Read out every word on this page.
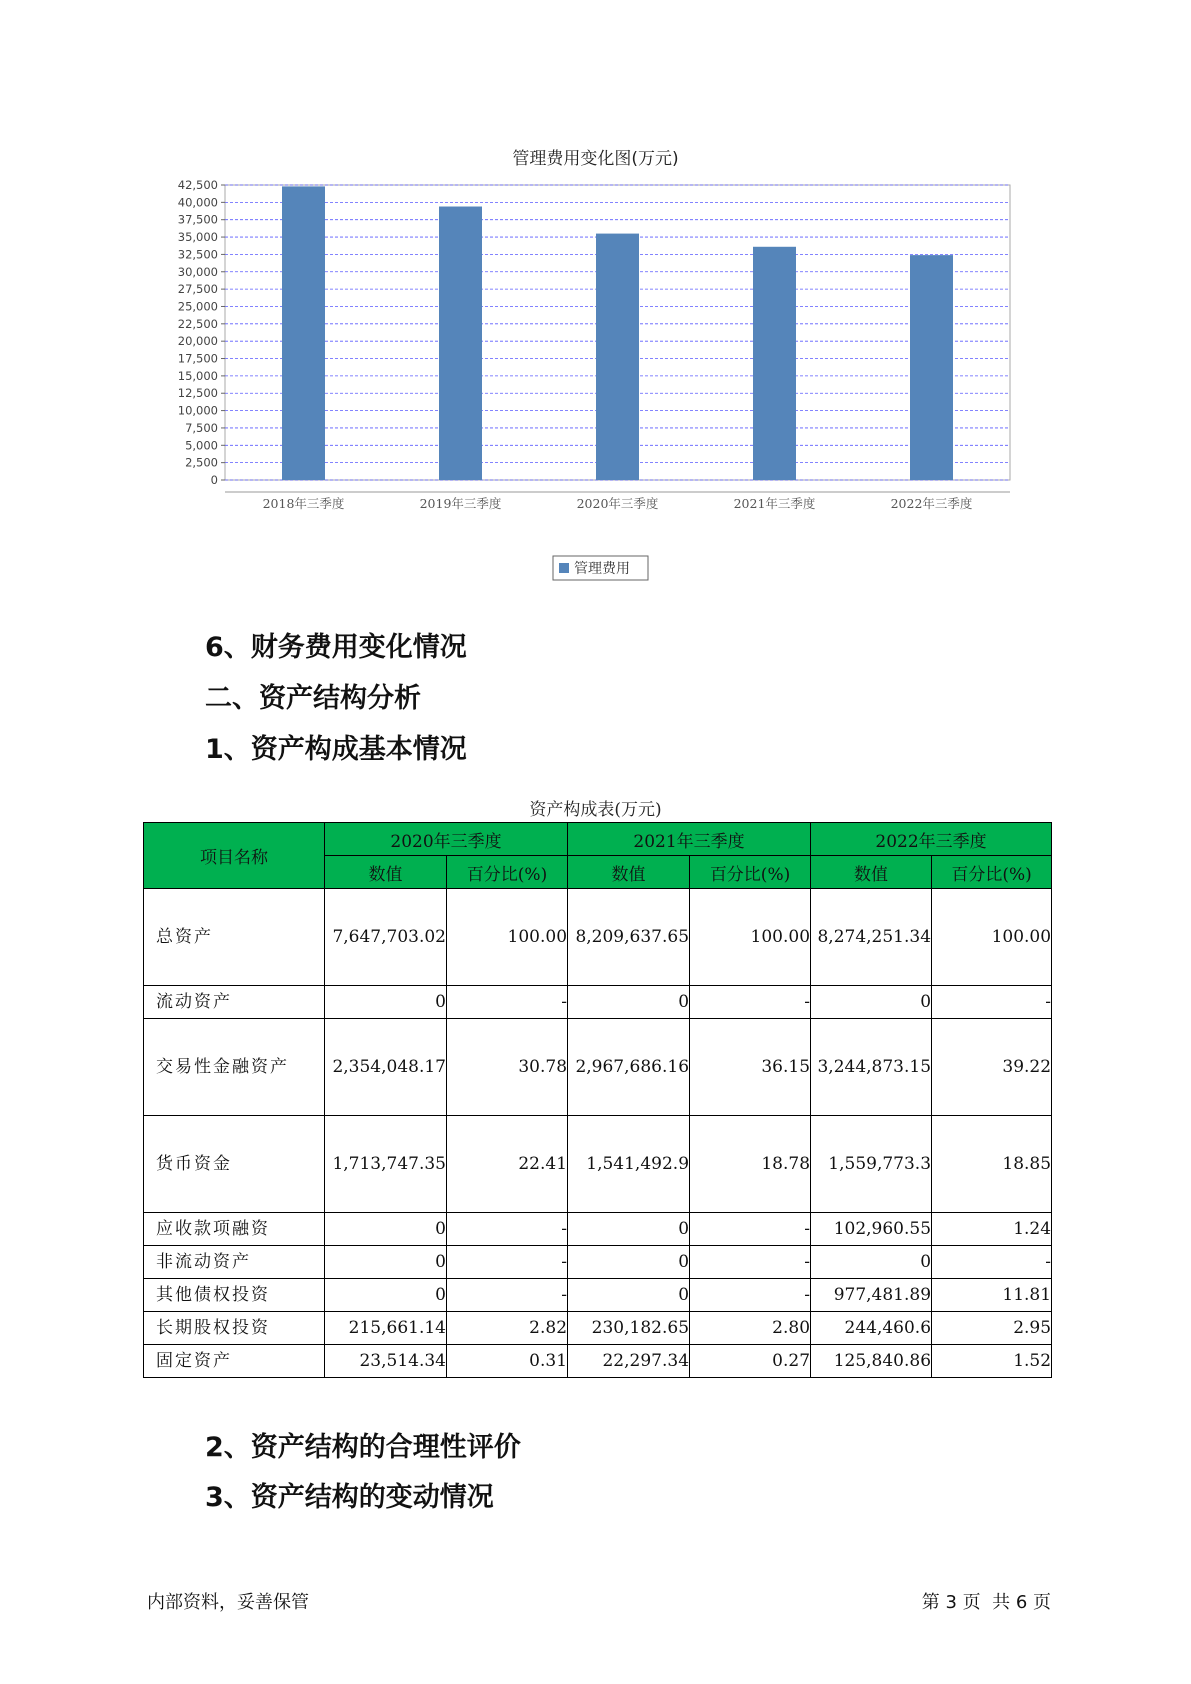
管理费用变化图(万元)
0
2,500
5,000
7,500
10,000
12,500
15,000
17,500
20,000
22,500
25,000
27,500
30,000
32,500
35,000
37,500
40,000
42,500
2018年三季度	2019年三季度	2020年三季度	2021年三季度	2022年三季度
管理费用
6、财务费用变化情况
二、资产结构分析
1、资产构成基本情况
资产构成表(万元)
项目名称	2020年三季度		2021年三季度		2022年三季度	
	数值	百分比(%)	数值	百分比(%)	数值	百分比(%)
总资产	7,647,703.02	100.00	8,209,637.65	100.00	8,274,251.34	100.00
流动资产	0	-	0	-	0	-
交易性金融资产	2,354,048.17	30.78	2,967,686.16	36.15	3,244,873.15	39.22
货币资金	1,713,747.35	22.41	1,541,492.9	18.78	1,559,773.3	18.85
应收款项融资	0	-	0	-	102,960.55	1.24
非流动资产	0	-	0	-	0	-
其他债权投资	0	-	0	-	977,481.89	11.81
长期股权投资	215,661.14	2.82	230,182.65	2.80	244,460.6	2.95
固定资产	23,514.34	0.31	22,297.34	0.27	125,840.86	1.52
2、资产结构的合理性评价
3、资产结构的变动情况
内部资料，妥善保管	第 3 页  共 6 页
